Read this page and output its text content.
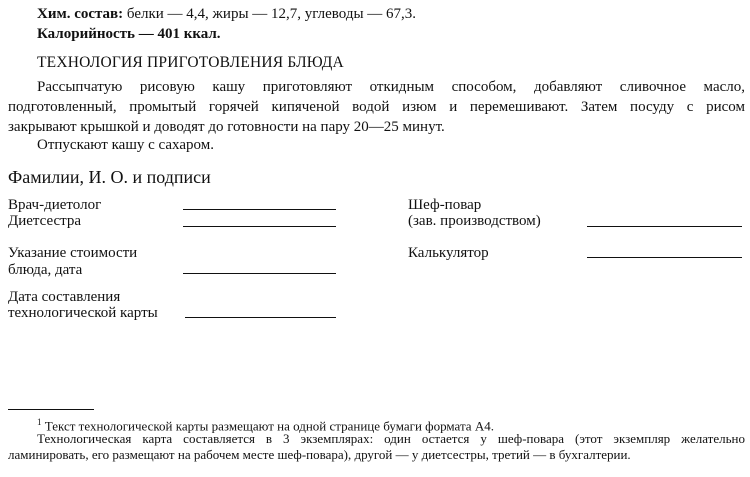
Хим. состав: белки — 4,4, жиры — 12,7, углеводы — 67,3.
Калорийность — 401 ккал.
ТЕХНОЛОГИЯ ПРИГОТОВЛЕНИЯ БЛЮДА
Рассыпчатую рисовую кашу приготовляют откидным способом, добавляют сливочное масло,
подготовленный, промытый горячей кипяченой водой изюм и перемешивают. Затем посуду с рисом
закрывают крышкой и доводят до готовности на пару 20—25 минут.
Отпускают кашу с сахаром.
Фамилии, И. О. и подписи
Врач-диетолог
Диетсестра
Указание стоимости
блюда, дата
Дата составления
технологической карты
Шеф-повар
(зав. производством)
Калькулятор
$^1$ Текст технологической карты размещают на одной странице бумаги формата А4.
Технологическая карта составляется в 3 экземплярах: один остается у шеф-повара (этот экземпляр желательно
ламинировать, его размещают на рабочем месте шеф-повара), другой — у диетсестры, третий — в бухгалтерии.
